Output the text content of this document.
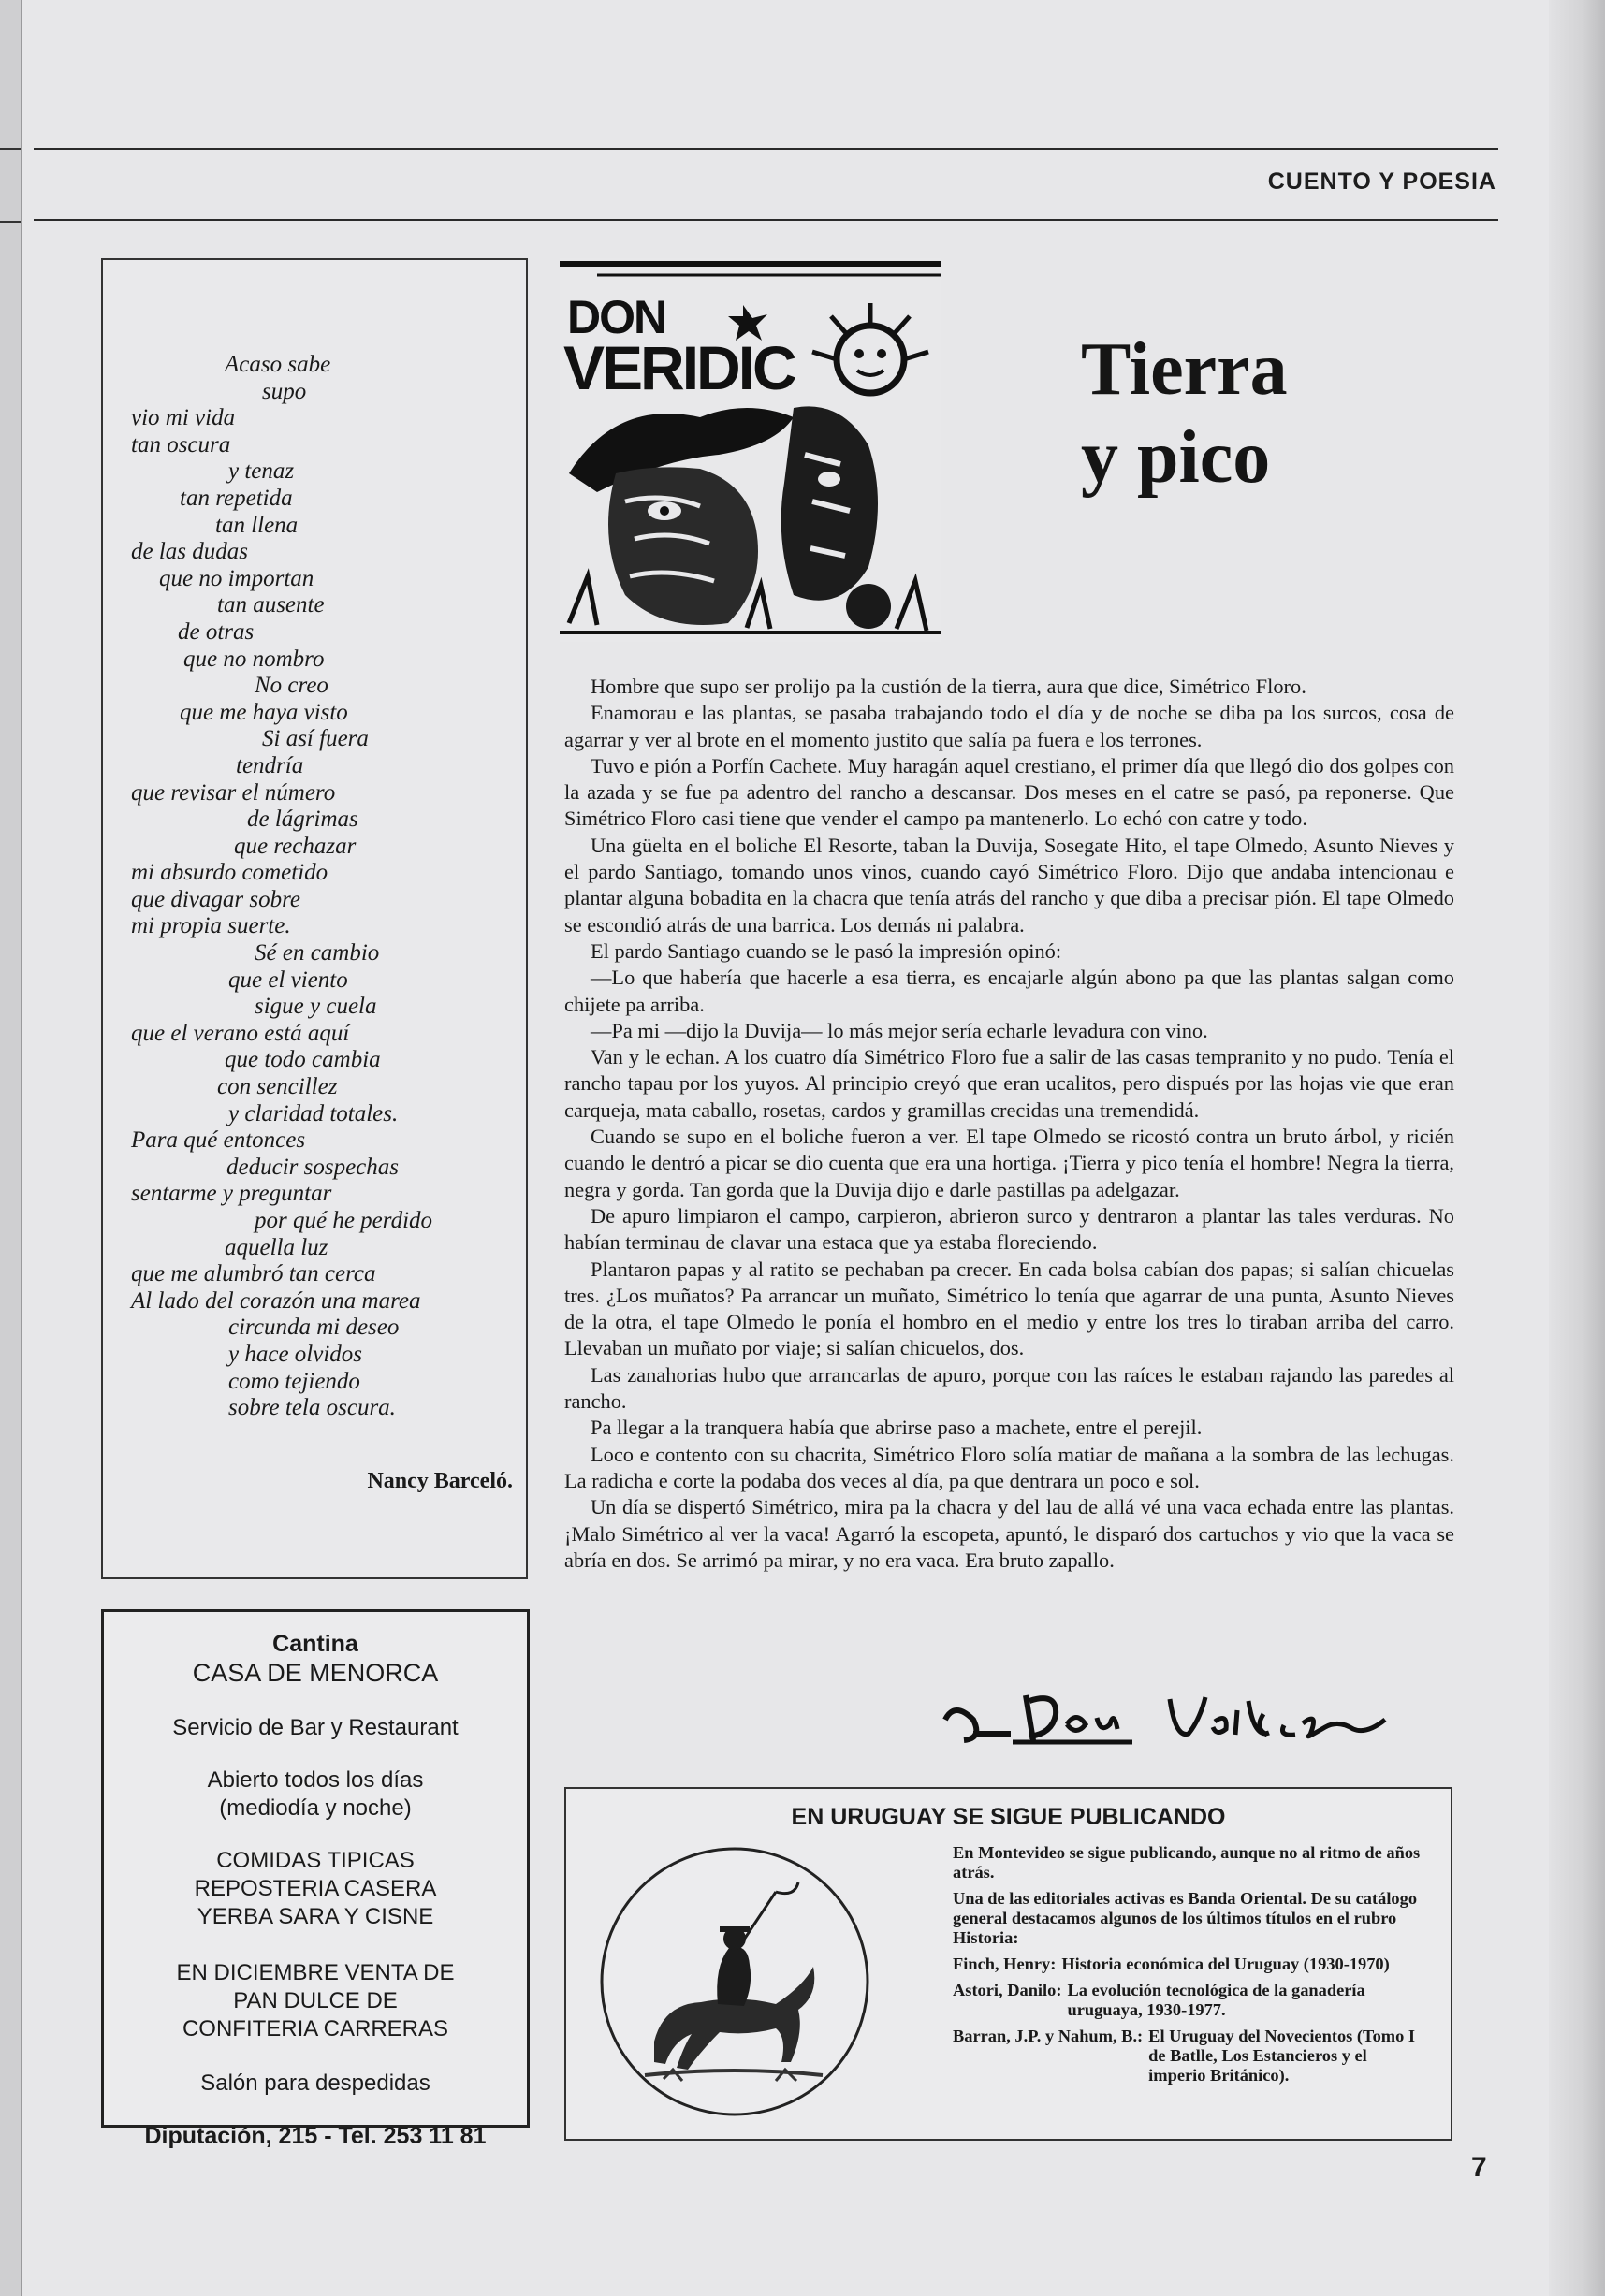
CUENTO Y POESIA
Acaso sabe
supo
vio mi vida
tan oscura
y tenaz
tan repetida
tan llena
de las dudas
que no importan
tan ausente
de otras
que no nombro
No creo
que me haya visto
Si así fuera
tendría
que revisar el número
de lágrimas
que rechazar
mi absurdo cometido
que divagar sobre
mi propia suerte.
Sé en cambio
que el viento
sigue y cuela
que el verano está aquí
que todo cambia
con sencillez
y claridad totales.
Para qué entonces
deducir sospechas
sentarme y preguntar
por qué he perdido
aquella luz
que me alumbró tan cerca
Al lado del corazón una marea
circunda mi deseo
y hace olvidos
como tejiendo
sobre tela oscura.
Nancy Barceló.
Cantina
CASA DE MENORCA
Servicio de Bar y Restaurant
Abierto todos los días
(mediodía y noche)
COMIDAS TIPICAS
REPOSTERIA CASERA
YERBA SARA Y CISNE
EN DICIEMBRE VENTA DE
PAN DULCE DE
CONFITERIA CARRERAS
Salón para despedidas
Diputación, 215 - Tel. 253 11 81
DON
VERIDIC	Tierra
y pico

Hombre que supo ser prolijo pa la custión de la tierra, aura que dice, Simétrico Floro.

Enamorau e las plantas, se pasaba trabajando todo el día y de noche se diba pa los surcos, cosa de agarrar y ver al brote en el momento justito que salía pa fuera e los terrones.

Tuvo e pión a Porfín Cachete. Muy haragán aquel crestiano, el primer día que llegó dio dos golpes con la azada y se fue pa adentro del rancho a descansar. Dos meses en el catre se pasó, pa reponerse. Que Simétrico Floro casi tiene que vender el campo pa mantenerlo. Lo echó con catre y todo.

Una güelta en el boliche El Resorte, taban la Duvija, Sosegate Hito, el tape Olmedo, Asunto Nieves y el pardo Santiago, tomando unos vinos, cuando cayó Simétrico Floro. Dijo que andaba intencionau e plantar alguna bobadita en la chacra que tenía atrás del rancho y que diba a precisar pión. El tape Olmedo se escondió atrás de una barrica. Los demás ni palabra.

El pardo Santiago cuando se le pasó la impresión opinó:

—Lo que habería que hacerle a esa tierra, es encajarle algún abono pa que las plantas salgan como chijete pa arriba.

—Pa mi —dijo la Duvija— lo más mejor sería echarle levadura con vino.

Van y le echan. A los cuatro día Simétrico Floro fue a salir de las casas tempranito y no pudo. Tenía el rancho tapau por los yuyos. Al principio creyó que eran ucalitos, pero dispués por las hojas vie que eran carqueja, mata caballo, rosetas, cardos y gramillas crecidas una tremendidá.

Cuando se supo en el boliche fueron a ver. El tape Olmedo se ricostó contra un bruto árbol, y ricién cuando le dentró a picar se dio cuenta que era una hortiga. ¡Tierra y pico tenía el hombre! Negra la tierra, negra y gorda. Tan gorda que la Duvija dijo e darle pastillas pa adelgazar.

De apuro limpiaron el campo, carpieron, abrieron surco y dentraron a plantar las tales verduras. No habían terminau de clavar una estaca que ya estaba floreciendo.

Plantaron papas y al ratito se pechaban pa crecer. En cada bolsa cabían dos papas; si salían chicuelas tres. ¿Los muñatos? Pa arrancar un muñato, Simétrico lo tenía que agarrar de una punta, Asunto Nieves de la otra, el tape Olmedo le ponía el hombro en el medio y entre los tres lo tiraban arriba del carro. Llevaban un muñato por viaje; si salían chicuelos, dos.

Las zanahorias hubo que arrancarlas de apuro, porque con las raíces le estaban rajando las paredes al rancho.

Pa llegar a la tranquera había que abrirse paso a machete, entre el perejil.

Loco e contento con su chacrita, Simétrico Floro solía matiar de mañana a la sombra de las lechugas. La radicha e corte la podaba dos veces al día, pa que dentrara un poco e sol.

Un día se dispertó Simétrico, mira pa la chacra y del lau de allá vé una vaca echada entre las plantas. ¡Malo Simétrico al ver la vaca! Agarró la escopeta, apuntó, le disparó dos cartuchos y vio que la vaca se abría en dos. Se arrimó pa mirar, y no era vaca. Era bruto zapallo.

EN URUGUAY SE SIGUE PUBLICANDO

En Montevideo se sigue publicando, aunque no al ritmo de años atrás.

Una de las editoriales activas es Banda Oriental. De su catálogo general destacamos algunos de los últimos títulos en el rubro Historia:

Finch, Henry: Historia económica del Uruguay (1930-1970)

Astori, Danilo: La evolución tecnológica de la ganadería uruguaya, 1930-1977.

Barran, J.P. y Nahum, B.: El Uruguay del Novecientos (Tomo I de Batlle, Los Estancieros y el imperio Británico).

7
